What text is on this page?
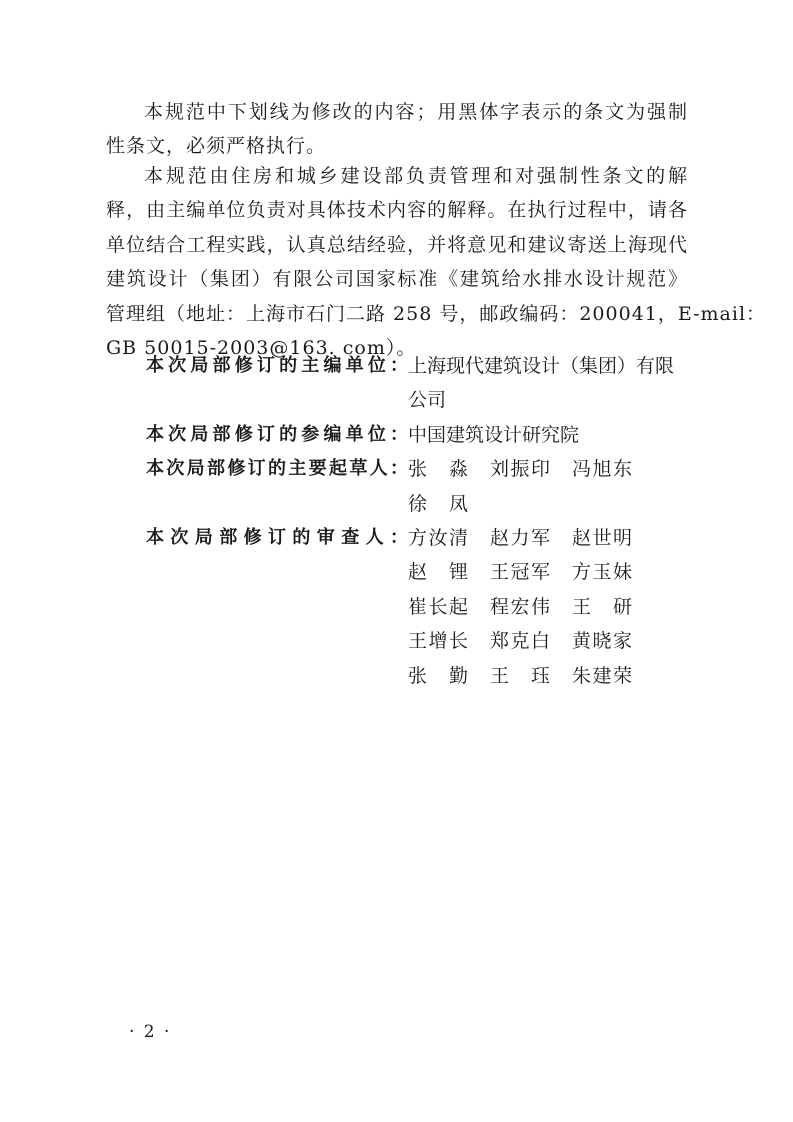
本规范中下划线为修改的内容；用黑体字表示的条文为强制
性条文，必须严格执行。

本规范由住房和城乡建设部负责管理和对强制性条文的解
释，由主编单位负责对具体技术内容的解释。在执行过程中，请各
单位结合工程实践，认真总结经验，并将意见和建议寄送上海现代
建筑设计（集团）有限公司国家标准《建筑给水排水设计规范》
管理组（地址：上海市石门二路 258 号，邮政编码：200041，E-mail：
GB 50015-2003@163. com）。

本次局部修订的主编单位： 上海现代建筑设计（集团）有限
公司
本次局部修订的参编单位： 中国建筑设计研究院
本次局部修订的主要起草人： 张　淼 刘振印 冯旭东
徐　凤
本次局部修订的审查人： 方汝清 赵力军 赵世明
赵　锂 王冠军 方玉妹
崔长起 程宏伟 王　研
王增长 郑克白 黄晓家
张　勤 王　珏 朱建荣
· 2 ·
